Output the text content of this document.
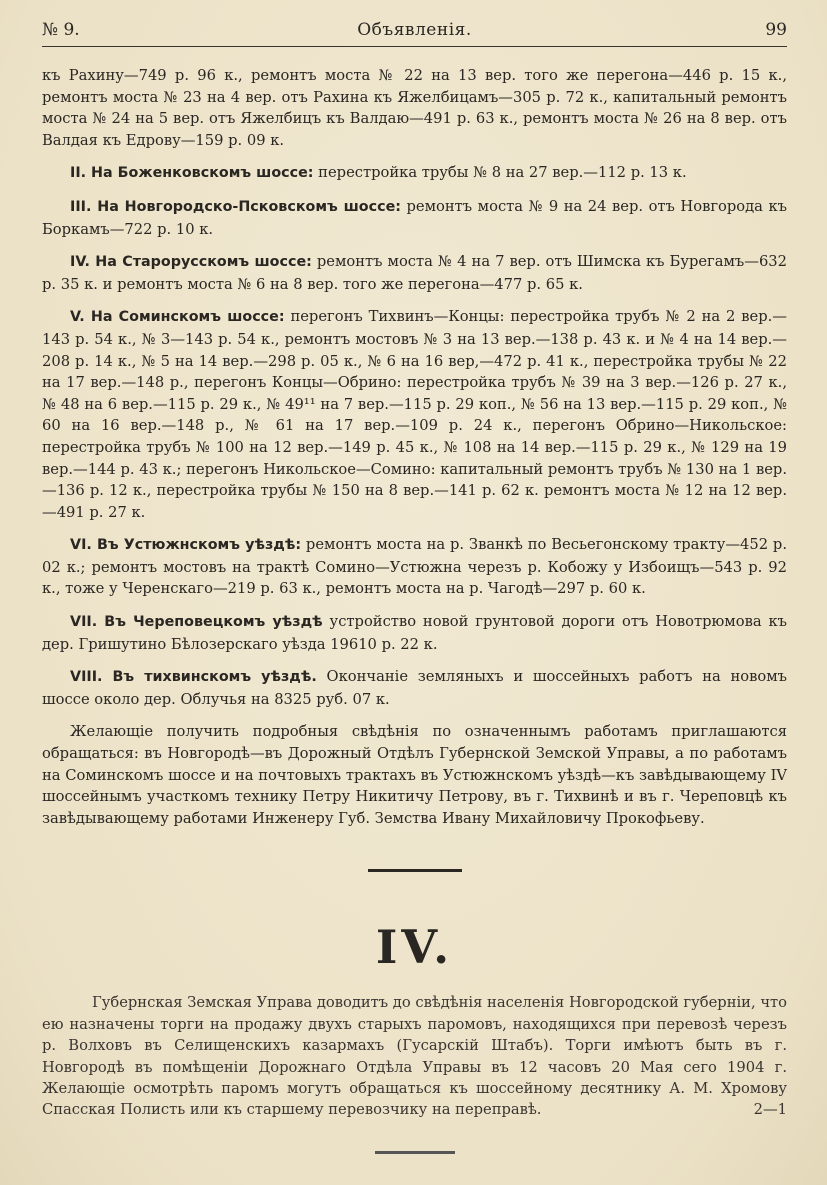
№ 9.	Объявленія.	99

къ Рахину—749 р. 96 к., ремонтъ моста № 22 на 13 вер. того же перегона—446 р. 15 к., ремонтъ моста № 23 на 4 вер. отъ Рахина къ Яжелбицамъ—305 р. 72 к., капитальный ремонтъ моста № 24 на 5 вер. отъ Яжелбицъ къ Валдаю—491 р. 63 к., ремонтъ моста № 26 на 8 вер. отъ Валдая къ Едрову—159 р. 09 к.

II. На Боженковскомъ шоссе: перестройка трубы № 8 на 27 вер.—112 р. 13 к.

III. На Новгородско-Псковскомъ шоссе: ремонтъ моста № 9 на 24 вер. отъ Новгорода къ Боркамъ—722 р. 10 к.

IV. На Старорусскомъ шоссе: ремонтъ моста № 4 на 7 вер. отъ Шимска къ Бурегамъ—632 р. 35 к. и ремонтъ моста № 6 на 8 вер. того же перегона—477 р. 65 к.

V. На Соминскомъ шоссе: перегонъ Тихвинъ—Концы: перестройка трубъ № 2 на 2 вер.—143 р. 54 к., № 3—143 р. 54 к., ремонтъ мостовъ № 3 на 13 вер.—138 р. 43 к. и № 4 на 14 вер.—208 р. 14 к., № 5 на 14 вер.—298 р. 05 к., № 6 на 16 вер,—472 р. 41 к., перестройка трубы № 22 на 17 вер.—148 р., перегонъ Концы—Обрино: перестройка трубъ № 39 на 3 вер.—126 р. 27 к., № 48 на 6 вер.—115 р. 29 к., № 49¹¹ на 7 вер.—115 р. 29 коп., № 56 на 13 вер.—115 р. 29 коп., № 60 на 16 вер.—148 р., № 61 на 17 вер.—109 р. 24 к., перегонъ Обрино—Никольское: перестройка трубъ № 100 на 12 вер.—149 р. 45 к., № 108 на 14 вер.—115 р. 29 к., № 129 на 19 вер.—144 р. 43 к.; перегонъ Никольское—Сомино: капитальный ремонтъ трубъ № 130 на 1 вер.—136 р. 12 к., перестройка трубы № 150 на 8 вер.—141 р. 62 к. ремонтъ моста № 12 на 12 вер.—491 р. 27 к.

VI. Въ Устюжнскомъ уѣздѣ: ремонтъ моста на р. Званкѣ по Весьегонскому тракту—452 р. 02 к.; ремонтъ мостовъ на трактѣ Сомино—Устюжна черезъ р. Кобожу у Избоищъ—543 р. 92 к., тоже у Черенскаго—219 р. 63 к., ремонтъ моста на р. Чагодѣ—297 р. 60 к.

VII. Въ Череповецкомъ уѣздѣ устройство новой грунтовой дороги отъ Новотрюмова къ дер. Гришутино Бѣлозерскаго уѣзда 19610 р. 22 к.

VIII. Въ тихвинскомъ уѣздѣ. Окончаніе земляныхъ и шоссейныхъ работъ на новомъ шоссе около дер. Облучья на 8325 руб. 07 к.

Желающіе получить подробныя свѣдѣнія по означеннымъ работамъ приглашаются обращаться: въ Новгородѣ—въ Дорожный Отдѣлъ Губернской Земской Управы, а по работамъ на Соминскомъ шоссе и на почтовыхъ трактахъ въ Устюжнскомъ уѣздѣ—къ завѣдывающему IV шоссейнымъ участкомъ технику Петру Никитичу Петрову, въ г. Тихвинѣ и въ г. Череповцѣ къ завѣдывающему работами Инженеру Губ. Земства Ивану Михайловичу Прокофьеву.

IV.

Губернская Земская Управа доводитъ до свѣдѣнія населенія Новгородской губерніи, что ею назначены торги на продажу двухъ старыхъ паромовъ, находящихся при перевозѣ черезъ р. Волховъ въ Селищенскихъ казармахъ (Гусарскій Штабъ). Торги имѣютъ быть въ г. Новгородѣ въ помѣщеніи Дорожнаго Отдѣла Управы въ 12 часовъ 20 Мая сего 1904 г. Желающіе осмотрѣть паромъ могутъ обращаться къ шоссейному десятнику А. М. Хромову Спасская Полисть или къ старшему перевозчику на переправѣ.	2—1
